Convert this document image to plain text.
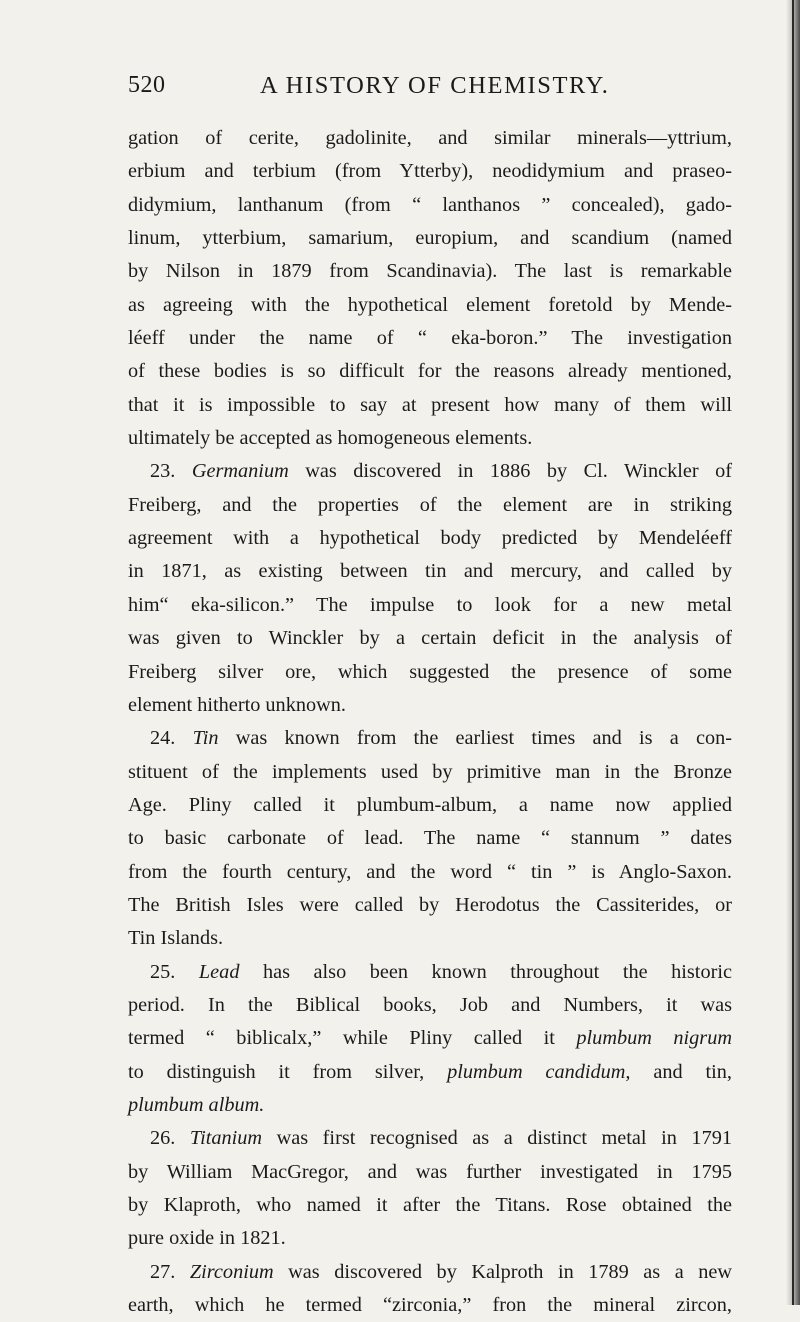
520	A HISTORY OF CHEMISTRY.
gation of cerite, gadolinite, and similar minerals—yttrium,
erbium and terbium (from Ytterby), neodidymium and praseo-
didymium, lanthanum (from “ lanthanos ” concealed), gado-
linum, ytterbium, samarium, europium, and scandium (named
by Nilson in 1879 from Scandinavia). The last is remarkable
as agreeing with the hypothetical element foretold by Mende-
léeff under the name of “ eka-boron.” The investigation
of these bodies is so difficult for the reasons already mentioned,
that it is impossible to say at present how many of them will
ultimately be accepted as homogeneous elements.
23. Germanium was discovered in 1886 by Cl. Winckler of
Freiberg, and the properties of the element are in striking
agreement with a hypothetical body predicted by Mendeléeff
in 1871, as existing between tin and mercury, and called by
him“ eka-silicon.” The impulse to look for a new metal
was given to Winckler by a certain deficit in the analysis of
Freiberg silver ore, which suggested the presence of some
element hitherto unknown.
24. Tin was known from the earliest times and is a con-
stituent of the implements used by primitive man in the Bronze
Age. Pliny called it plumbum-album, a name now applied
to basic carbonate of lead. The name “ stannum ” dates
from the fourth century, and the word “ tin ” is Anglo-Saxon.
The British Isles were called by Herodotus the Cassiterides, or
Tin Islands.
25. Lead has also been known throughout the historic
period. In the Biblical books, Job and Numbers, it was
termed “ biblicalx,” while Pliny called it plumbum nigrum
to distinguish it from silver, plumbum candidum, and tin,
plumbum album.
26. Titanium was first recognised as a distinct metal in 1791
by William MacGregor, and was further investigated in 1795
by Klaproth, who named it after the Titans. Rose obtained the
pure oxide in 1821.
27. Zirconium was discovered by Kalproth in 1789 as a new
earth, which he termed “zirconia,” fron the mineral zircon,
